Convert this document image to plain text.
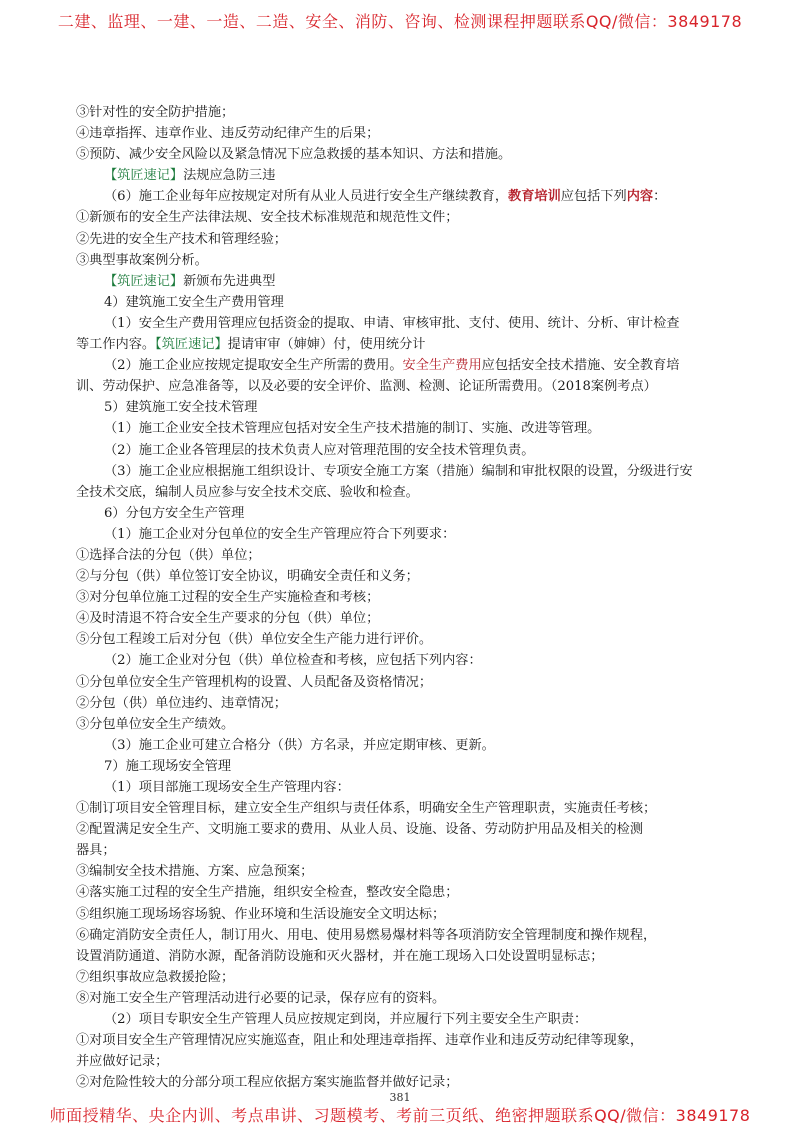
二建、监理、一建、一造、二造、安全、消防、咨询、检测课程押题联系QQ/微信：3849178
③针对性的安全防护措施；
④违章指挥、违章作业、违反劳动纪律产生的后果；
⑤预防、减少安全风险以及紧急情况下应急救援的基本知识、方法和措施。
【筑匠速记】法规应急防三违
（6）施工企业每年应按规定对所有从业人员进行安全生产继续教育，教育培训应包括下列内容：
①新颁布的安全生产法律法规、安全技术标准规范和规范性文件；
②先进的安全生产技术和管理经验；
③典型事故案例分析。
【筑匠速记】新颁布先进典型
4）建筑施工安全生产费用管理
（1）安全生产费用管理应包括资金的提取、申请、审核审批、支付、使用、统计、分析、审计检查
等工作内容。【筑匠速记】提请审审（婶婶）付，使用统分计
（2）施工企业应按规定提取安全生产所需的费用。安全生产费用应包括安全技术措施、安全教育培
训、劳动保护、应急准备等，以及必要的安全评价、监测、检测、论证所需费用。（2018案例考点）
5）建筑施工安全技术管理
（1）施工企业安全技术管理应包括对安全生产技术措施的制订、实施、改进等管理。
（2）施工企业各管理层的技术负责人应对管理范围的安全技术管理负责。
（3）施工企业应根据施工组织设计、专项安全施工方案（措施）编制和审批权限的设置，分级进行安
全技术交底，编制人员应参与安全技术交底、验收和检查。
6）分包方安全生产管理
（1）施工企业对分包单位的安全生产管理应符合下列要求：
①选择合法的分包（供）单位；
②与分包（供）单位签订安全协议，明确安全责任和义务；
③对分包单位施工过程的安全生产实施检查和考核；
④及时清退不符合安全生产要求的分包（供）单位；
⑤分包工程竣工后对分包（供）单位安全生产能力进行评价。
（2）施工企业对分包（供）单位检查和考核，应包括下列内容：
①分包单位安全生产管理机构的设置、人员配备及资格情况；
②分包（供）单位违约、违章情况；
③分包单位安全生产绩效。
（3）施工企业可建立合格分（供）方名录，并应定期审核、更新。
7）施工现场安全管理
（1）项目部施工现场安全生产管理内容：
①制订项目安全管理目标，建立安全生产组织与责任体系，明确安全生产管理职责，实施责任考核；
②配置满足安全生产、文明施工要求的费用、从业人员、设施、设备、劳动防护用品及相关的检测
器具；
③编制安全技术措施、方案、应急预案；
④落实施工过程的安全生产措施，组织安全检查，整改安全隐患；
⑤组织施工现场场容场貌、作业环境和生活设施安全文明达标；
⑥确定消防安全责任人，制订用火、用电、使用易燃易爆材料等各项消防安全管理制度和操作规程，
设置消防通道、消防水源，配备消防设施和灭火器材，并在施工现场入口处设置明显标志；
⑦组织事故应急救援抢险；
⑧对施工安全生产管理活动进行必要的记录，保存应有的资料。
（2）项目专职安全生产管理人员应按规定到岗，并应履行下列主要安全生产职责：
①对项目安全生产管理情况应实施巡查，阻止和处理违章指挥、违章作业和违反劳动纪律等现象，
并应做好记录；
②对危险性较大的分部分项工程应依据方案实施监督并做好记录；
381
师面授精华、央企内训、考点串讲、习题模考、考前三页纸、绝密押题联系QQ/微信：3849178
